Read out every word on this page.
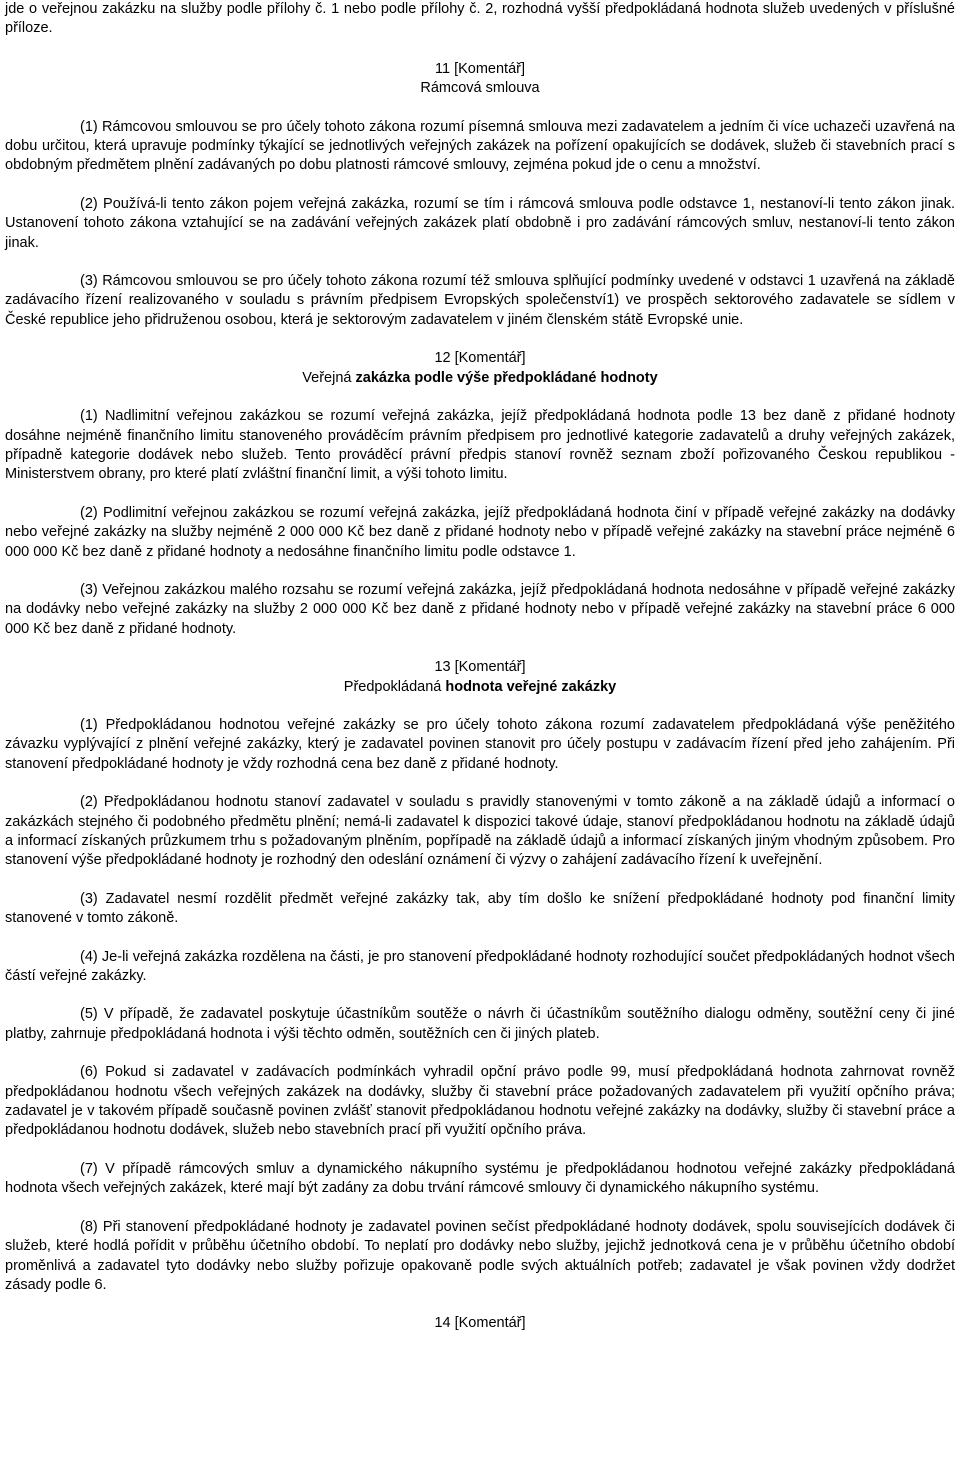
jde o veřejnou zakázku na služby podle přílohy č. 1 nebo podle přílohy č. 2, rozhodná vyšší předpokládaná hodnota služeb uvedených v příslušné příloze.

11 [Komentář]
Rámcová smlouva

(1) Rámcovou smlouvou se pro účely tohoto zákona rozumí písemná smlouva mezi zadavatelem a jedním či více uchazeči uzavřená na dobu určitou, která upravuje podmínky týkající se jednotlivých veřejných zakázek na pořízení opakujících se dodávek, služeb či stavebních prací s obdobným předmětem plnění zadávaných po dobu platnosti rámcové smlouvy, zejména pokud jde o cenu a množství.

(2) Používá-li tento zákon pojem veřejná zakázka, rozumí se tím i rámcová smlouva podle odstavce 1, nestanoví-li tento zákon jinak. Ustanovení tohoto zákona vztahující se na zadávání veřejných zakázek platí obdobně i pro zadávání rámcových smluv, nestanoví-li tento zákon jinak.

(3) Rámcovou smlouvou se pro účely tohoto zákona rozumí též smlouva splňující podmínky uvedené v odstavci 1 uzavřená na základě zadávacího řízení realizovaného v souladu s právním předpisem Evropských společenství1) ve prospěch sektorového zadavatele se sídlem v České republice jeho přidruženou osobou, která je sektorovým zadavatelem v jiném členském státě Evropské unie.

12 [Komentář]
Veřejná zakázka podle výše předpokládané hodnoty

(1) Nadlimitní veřejnou zakázkou se rozumí veřejná zakázka, jejíž předpokládaná hodnota podle 13 bez daně z přidané hodnoty dosáhne nejméně finančního limitu stanoveného prováděcím právním předpisem pro jednotlivé kategorie zadavatelů a druhy veřejných zakázek, případně kategorie dodávek nebo služeb. Tento prováděcí právní předpis stanoví rovněž seznam zboží pořizovaného Českou republikou - Ministerstvem obrany, pro které platí zvláštní finanční limit, a výši tohoto limitu.

(2) Podlimitní veřejnou zakázkou se rozumí veřejná zakázka, jejíž předpokládaná hodnota činí v případě veřejné zakázky na dodávky nebo veřejné zakázky na služby nejméně 2 000 000 Kč bez daně z přidané hodnoty nebo v případě veřejné zakázky na stavební práce nejméně 6 000 000 Kč bez daně z přidané hodnoty a nedosáhne finančního limitu podle odstavce 1.

(3) Veřejnou zakázkou malého rozsahu se rozumí veřejná zakázka, jejíž předpokládaná hodnota nedosáhne v případě veřejné zakázky na dodávky nebo veřejné zakázky na služby 2 000 000 Kč bez daně z přidané hodnoty nebo v případě veřejné zakázky na stavební práce 6 000 000 Kč bez daně z přidané hodnoty.

13 [Komentář]
Předpokládaná hodnota veřejné zakázky

(1) Předpokládanou hodnotou veřejné zakázky se pro účely tohoto zákona rozumí zadavatelem předpokládaná výše peněžitého závazku vyplývající z plnění veřejné zakázky, který je zadavatel povinen stanovit pro účely postupu v zadávacím řízení před jeho zahájením. Při stanovení předpokládané hodnoty je vždy rozhodná cena bez daně z přidané hodnoty.

(2) Předpokládanou hodnotu stanoví zadavatel v souladu s pravidly stanovenými v tomto zákoně a na základě údajů a informací o zakázkách stejného či podobného předmětu plnění; nemá-li zadavatel k dispozici takové údaje, stanoví předpokládanou hodnotu na základě údajů a informací získaných průzkumem trhu s požadovaným plněním, popřípadě na základě údajů a informací získaných jiným vhodným způsobem. Pro stanovení výše předpokládané hodnoty je rozhodný den odeslání oznámení či výzvy o zahájení zadávacího řízení k uveřejnění.

(3) Zadavatel nesmí rozdělit předmět veřejné zakázky tak, aby tím došlo ke snížení předpokládané hodnoty pod finanční limity stanovené v tomto zákoně.

(4) Je-li veřejná zakázka rozdělena na části, je pro stanovení předpokládané hodnoty rozhodující součet předpokládaných hodnot všech částí veřejné zakázky.

(5) V případě, že zadavatel poskytuje účastníkům soutěže o návrh či účastníkům soutěžního dialogu odměny, soutěžní ceny či jiné platby, zahrnuje předpokládaná hodnota i výši těchto odměn, soutěžních cen či jiných plateb.

(6) Pokud si zadavatel v zadávacích podmínkách vyhradil opční právo podle 99, musí předpokládaná hodnota zahrnovat rovněž předpokládanou hodnotu všech veřejných zakázek na dodávky, služby či stavební práce požadovaných zadavatelem při využití opčního práva; zadavatel je v takovém případě současně povinen zvlášť stanovit předpokládanou hodnotu veřejné zakázky na dodávky, služby či stavební práce a předpokládanou hodnotu dodávek, služeb nebo stavebních prací při využití opčního práva.

(7) V případě rámcových smluv a dynamického nákupního systému je předpokládanou hodnotou veřejné zakázky předpokládaná hodnota všech veřejných zakázek, které mají být zadány za dobu trvání rámcové smlouvy či dynamického nákupního systému.

(8) Při stanovení předpokládané hodnoty je zadavatel povinen sečíst předpokládané hodnoty dodávek, spolu souvisejících dodávek či služeb, které hodlá pořídit v průběhu účetního období. To neplatí pro dodávky nebo služby, jejichž jednotková cena je v průběhu účetního období proměnlivá a zadavatel tyto dodávky nebo služby pořizuje opakovaně podle svých aktuálních potřeb; zadavatel je však povinen vždy dodržet zásady podle 6.

14 [Komentář]
